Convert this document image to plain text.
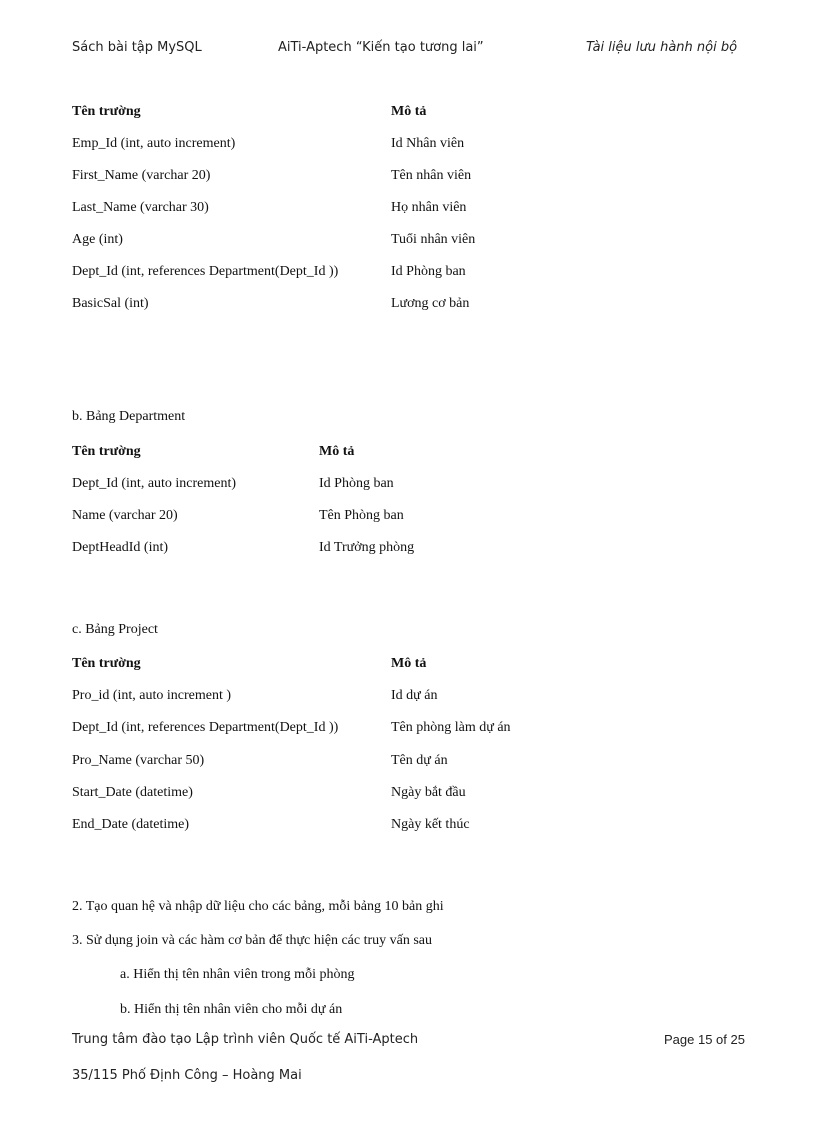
Sách bài tập MySQL	AiTi-Aptech “Kiến tạo tương lai”	Tài liệu lưu hành nội bộ
Tên trường	Mô tả
Emp_Id (int, auto increment)	Id Nhân viên
First_Name (varchar 20)	Tên nhân viên
Last_Name (varchar 30)	Họ nhân viên
Age (int)	Tuổi nhân viên
Dept_Id (int, references Department(Dept_Id ))	Id Phòng ban
BasicSal (int)	Lương cơ bản
b. Bảng Department
Tên trường	Mô tả
Dept_Id (int, auto increment)	Id Phòng ban
Name (varchar 20)	Tên Phòng ban
DeptHeadId (int)	Id Trưởng phòng
c. Bảng Project
Tên trường	Mô tả
Pro_id (int, auto increment )	Id dự án
Dept_Id (int, references Department(Dept_Id ))	Tên phòng làm dự án
Pro_Name (varchar 50)	Tên dự án
Start_Date (datetime)	Ngày bắt đầu
End_Date (datetime)	Ngày kết thúc
2. Tạo quan hệ và nhập dữ liệu cho các bảng, mỗi bảng 10 bản ghi
3. Sử dụng join và các hàm cơ bản để thực hiện các truy vấn sau
a. Hiển thị tên nhân viên trong mỗi phòng
b. Hiển thị tên nhân viên cho mỗi dự án
Trung tâm đào tạo Lập trình viên Quốc tế AiTi-Aptech	Page 15 of 25
35/115 Phố Định Công – Hoàng Mai
